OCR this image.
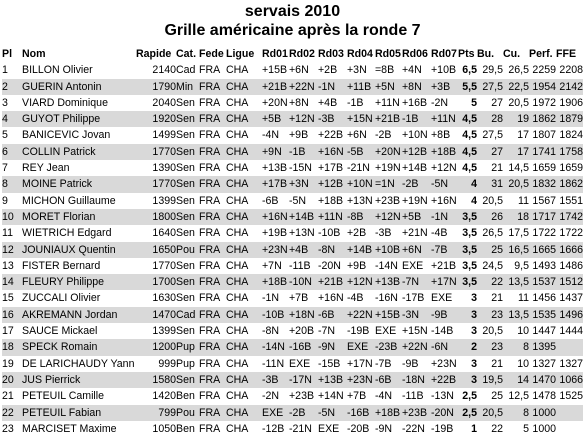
servais 2010
Grille américaine après la ronde 7
Pl	Nom	Rapide	Cat.	Fede	Ligue	Rd01	Rd02	Rd03	Rd04	Rd05	Rd06	Rd07	Pts	Bu.	Cu.	Perf.	FFE
1	BILLON Olivier	2140	Cad	FRA	CHA	+15B	+6N	+2B	+3N	=8B	+4N	+10B	6,5	29,5	26,5	2259	2208
2	GUERIN Antonin	1790	Min	FRA	CHA	+21B	+22N	-1N	+11B	+5N	+8N	+3B	5,5	27,5	22,5	1954	2142
3	VIARD Dominique	2040	Sen	FRA	CHA	+20N	+8N	+4B	-1B	+11N	+16B	-2N	5	27	20,5	1972	1906
4	GUYOT Philippe	1920	Sen	FRA	CHA	+5B	+12N	-3B	+15N	+21B	-1B	+11N	4,5	28	19	1862	1879
5	BANICEVIC Jovan	1499	Sen	FRA	CHA	-4N	+9B	+22B	+6N	-2B	+10N	+8B	4,5	27,5	17	1807	1824
6	COLLIN Patrick	1770	Sen	FRA	CHA	+9N	-1B	+16N	-5B	+20N	+12B	+18B	4,5	27	17	1741	1758
7	REY Jean	1390	Sen	FRA	CHA	+13B	-15N	+17B	-21N	+19N	+14B	+12N	4,5	21	14,5	1659	1659
8	MOINE Patrick	1770	Sen	FRA	CHA	+17B	+3N	+12B	+10N	=1N	-2B	-5N	4	31	20,5	1832	1862
9	MICHON Guillaume	1399	Sen	FRA	CHA	-6B	-5N	+18B	+13N	+23B	+19N	+16N	4	20,5	11	1567	1551
10	MORET Florian	1800	Sen	FRA	CHA	+16N	+14B	+11N	-8B	+12N	+5B	-1N	3,5	26	18	1717	1742
11	WIETRICH Edgard	1640	Sen	FRA	CHA	+19B	+13N	-10B	+2B	-3B	+21N	-4B	3,5	26,5	17,5	1722	1722
12	JOUNIAUX Quentin	1650	Pou	FRA	CHA	+23N	+4B	-8N	+14B	+10B	+6N	-7B	3,5	25	16,5	1665	1666
13	FISTER Bernard	1770	Sen	FRA	CHA	+7N	-11B	-20N	+9B	-14N	EXE	+21B	3,5	24,5	9,5	1493	1486
14	FLEURY Philippe	1700	Sen	FRA	CHA	+18B	-10N	+21B	+12N	+13B	-7N	+17N	3,5	22	13,5	1537	1512
15	ZUCCALI Olivier	1630	Sen	FRA	CHA	-1N	+7B	+16N	-4B	-16N	-17B	EXE	3	21	11	1456	1437
16	AKREMANN Jordan	1470	Cad	FRA	CHA	-10B	+18N	-6B	+22N	+15B	-3N	-9B	3	23	13,5	1535	1496
17	SAUCE Mickael	1399	Sen	FRA	CHA	-8N	+20B	-7N	-19B	EXE	+15N	-14B	3	20,5	10	1447	1444
18	SPECK Romain	1200	Pup	FRA	CHA	-14N	-16B	-9N	EXE	-23B	+22N	-6N	2	23	8	1395	
19	DE LARICHAUDY Yann	999	Pup	FRA	CHA	-11N	EXE	-15B	+17N	-7B	-9B	+23N	3	21	10	1327	1327
20	JUS Pierrick	1580	Sen	FRA	CHA	-3B	-17N	+13B	+23N	-6B	-18N	+22B	3	19,5	14	1470	1066
21	PETEUIL Camille	1420	Ben	FRA	CHA	-2N	+23B	+14N	+7B	-4N	-11B	-13N	2,5	25	12,5	1478	1525
22	PETEUIL Fabian	799	Pou	FRA	CHA	EXE	-2B	-5N	-16B	+18B	+23B	-20N	2,5	20,5	8	1000	
23	MARCISET Maxime	1050	Ben	FRA	CHA	-12B	-21N	EXE	-20B	-9N	-22N	-19B	1	22	5	1000	
